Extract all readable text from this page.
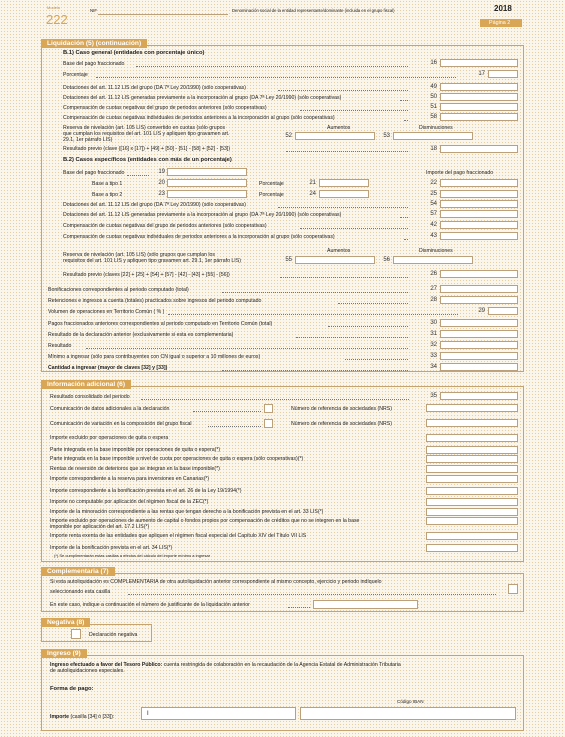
Modelo
222
NIF	Denominación social de la entidad representante/dominante (incluida en el grupo fiscal)	2018
Página 2
Liquidación (5) (continuación)
B.1) Caso general (entidades con porcentaje único)
Base del pago fraccionado	16
Porcentaje	17
Dotaciones del art. 11.12 LIS del grupo (DA 7ª Ley 20/1990) (sólo cooperativas)	49
Dotaciones del art. 11.12 LIS generadas previamente a la incorporación al grupo (DA 7ª Ley 20/1990) (sólo cooperativas)	50
Compensación de cuotas negativas del grupo de periodos anteriores (sólo cooperativas)	51
Compensación de cuotas negativas individuales de periodos anteriores a la incorporación al grupo (sólo cooperativas)	58
Reserva de nivelación (art. 105 LIS) convertido en cuotas (sólo grupos
que cumplan los requisitos del art. 101 LIS y apliquen tipo gravamen art.
29.1, 1er párrafo LIS)
Aumentos	Disminuciones
52	53
Resultado previo (clave ([16] x [17]) + [49] + [50] - [51] - [58] + [52] - [53])	18
B.2) Casos específicos (entidades con más de un porcentaje)
Base del pago fraccionado	19	Importe del pago fraccionado
Base a tipo 1	20	Porcentaje	21	22
Base a tipo 2	23	Porcentaje	24	25
Dotaciones del art. 11.12 LIS del grupo (DA 7ª Ley 20/1990) (sólo cooperativas)	54
Dotaciones del art. 11.12 LIS generadas previamente a la incorporación al grupo (DA 7ª Ley 20/1990) (sólo cooperativas)	57
Compensación de cuotas negativas del grupo de periodos anteriores (sólo cooperativas)	42
Compensación de cuotas negativas individuales de periodos anteriores a la incorporación al grupo (sólo cooperativas)	43
Aumentos	Disminuciones
Reserva de nivelación (art. 105 LIS) (sólo grupos que cumplan los
requisitos del art. 101 LIS y apliquen tipo gravamen art. 29.1, 1er párrafo LIS)	55	56
Resultado previo (claves [22] + [25] + [54] + [57] - [42] - [43] + [55] - [56])	26
Bonificaciones correspondientes al periodo computado (total)	27
Retenciones e ingresos a cuenta (totales) practicados sobre ingresos del periodo computado	28
Volumen de operaciones en Territorio Común ( % )	29
Pagos fraccionados anteriores correspondientes al periodo computado en Territorio Común (total)	30
Resultado de la declaración anterior (exclusivamente si esta es complementaria)	31
Resultado	32
Mínimo a ingresar (sólo para contribuyentes con CN igual o superior a 10 millones de euros)	33
Cantidad a ingresar (mayor de claves [32] y [33])	34
Información adicional (6)
Resultado consolidado del periodo	35
Comunicación de datos adicionales a la declaración	Número de referencia de sociedades (NRS)
Comunicación de variación en la composición del grupo fiscal	Número de referencia de sociedades (NRS)
Importe excluido por operaciones de quita o espera
Parte integrada en la base imponible por operaciones de quita o espera(*)
Parte integrada en la base imponible a nivel de cuota por operaciones de quita o espera (sólo cooperativas)(*)
Rentas de reversión de deterioros que se integran en la base imponible(*)
Importe correspondiente a la reserva para inversiones en Canarias(*)
Importe correspondiente a la bonificación prevista en el art. 26 de la Ley 19/1994(*)
Importe no computable por aplicación del régimen fiscal de la ZEC(*)
Importe de la minoración correspondiente a las rentas que tengan derecho a la bonificación prevista en el art. 33 LIS(*)
Importe excluido por operaciones de aumento de capital o fondos propios por compensación de créditos que no se integren en la base imponible por aplicación del art. 17.2 LIS(*)
Importe renta exenta de las entidades que apliquen el régimen fiscal especial del Capítulo XIV del Título VII LIS
Importe de la bonificación prevista en el art. 34 LIS(*)
(*) Se cumplimentarán estas casillas a efectos del cálculo del importe mínimo a ingresar
Complementaria (7)
Si esta autoliquidación es COMPLEMENTARIA de otra autoliquidación anterior correspondiente al mismo concepto, ejercicio y periodo indíquelo
seleccionando esta casilla
En este caso, indique a continuación el número de justificante de la liquidación anterior
Negativa (8)
Declaración negativa
Ingreso (9)
Ingreso efectuado a favor del Tesoro Público: cuenta restringida de colaboración en la recaudación de la Agencia Estatal de Administración Tributaria
de autoliquidaciones especiales.
Forma de pago:
Código IBAN
Importe (casilla [34] ó [33]):	I
